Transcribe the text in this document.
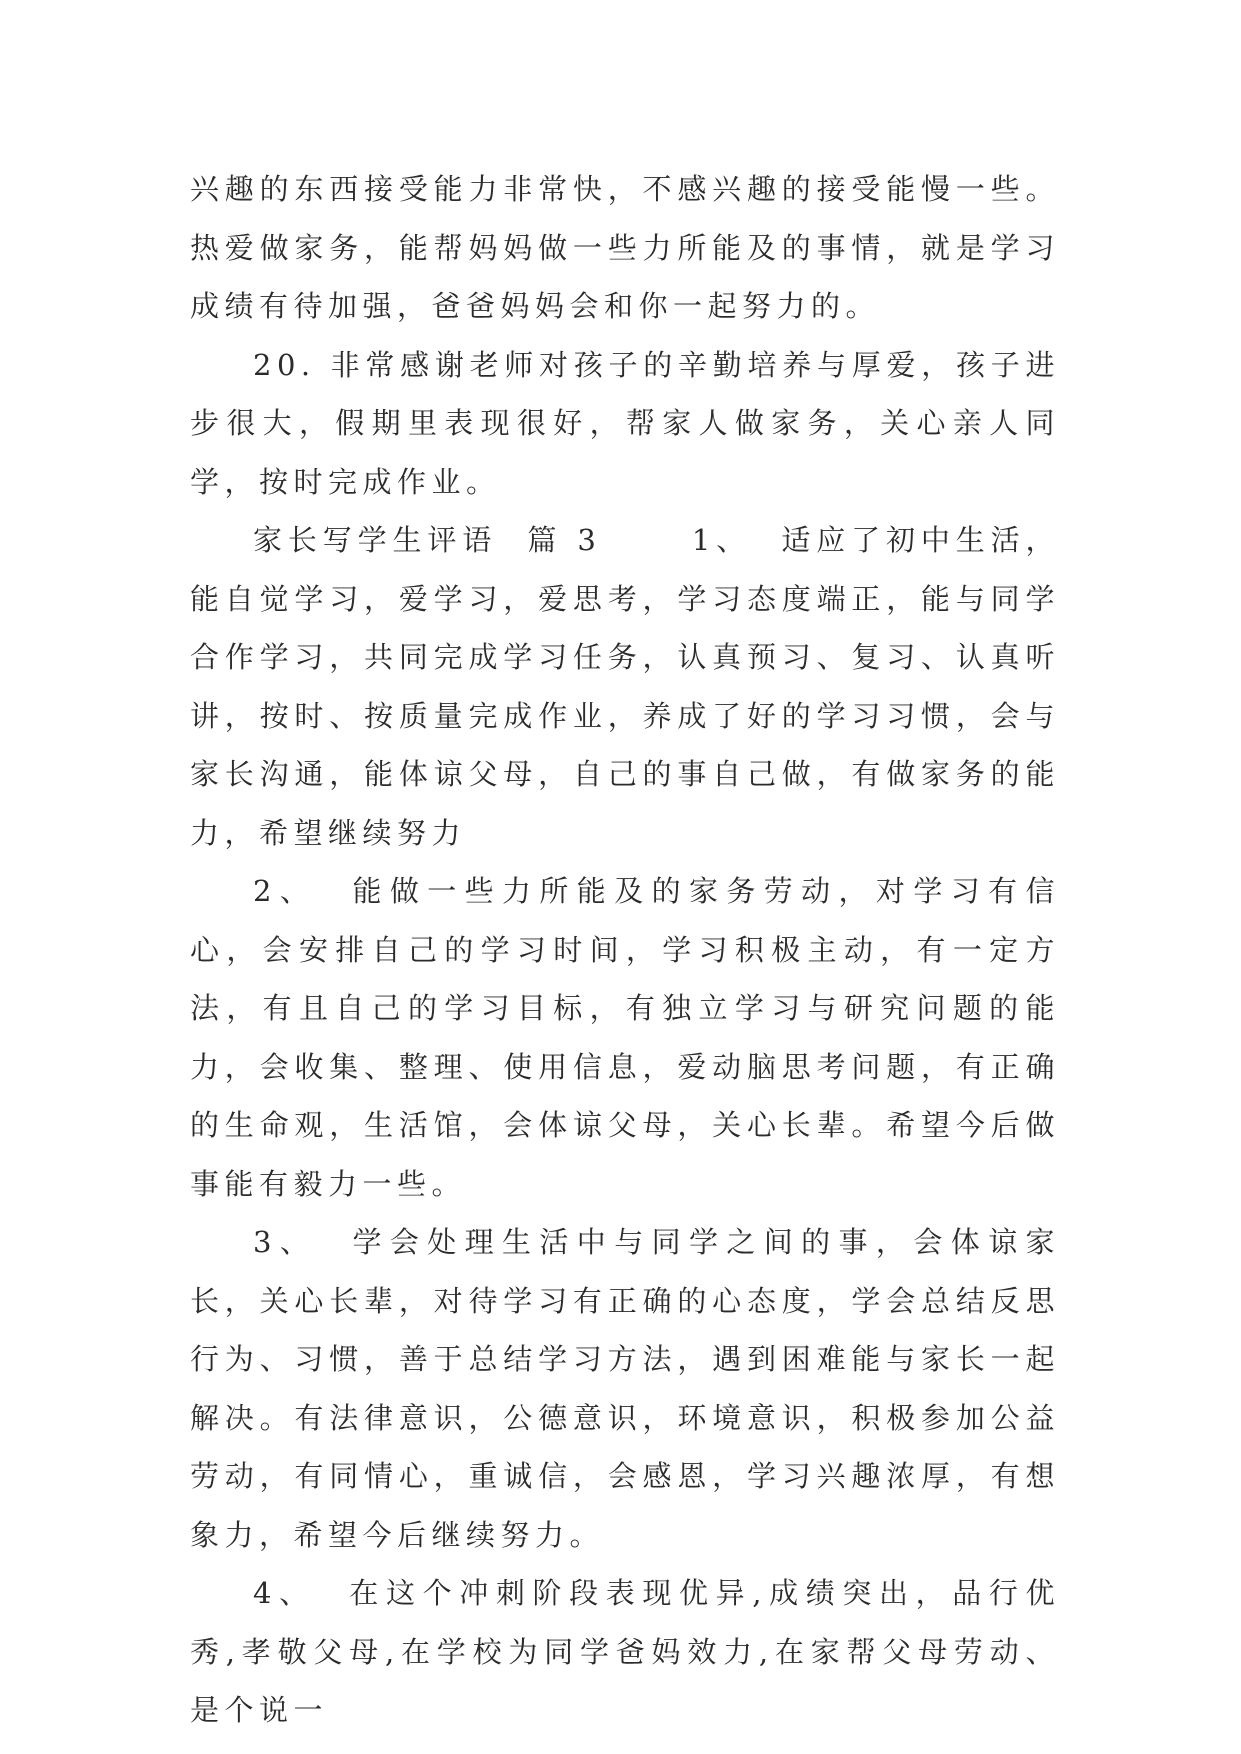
兴趣的东西接受能力非常快，不感兴趣的接受能慢一些。热爱做家务，能帮妈妈做一些力所能及的事情，就是学习成绩有待加强，爸爸妈妈会和你一起努力的。

20. 非常感谢老师对孩子的辛勤培养与厚爱，孩子进步很大，假期里表现很好，帮家人做家务，关心亲人同学，按时完成作业。

家长写学生评语  篇 3      1、  适应了初中生活，能自觉学习，爱学习，爱思考，学习态度端正，能与同学合作学习，共同完成学习任务，认真预习、复习、认真听讲，按时、按质量完成作业，养成了好的学习习惯，会与家长沟通，能体谅父母，自己的事自己做，有做家务的能力，希望继续努力

2、  能做一些力所能及的家务劳动，对学习有信心，会安排自己的学习时间，学习积极主动，有一定方法，有且自己的学习目标，有独立学习与研究问题的能力，会收集、整理、使用信息，爱动脑思考问题，有正确的生命观，生活馆，会体谅父母，关心长辈。希望今后做事能有毅力一些。

3、  学会处理生活中与同学之间的事，会体谅家长，关心长辈，对待学习有正确的心态度，学会总结反思行为、习惯，善于总结学习方法，遇到困难能与家长一起解决。有法律意识，公德意识，环境意识，积极参加公益劳动，有同情心，重诚信，会感恩，学习兴趣浓厚，有想象力，希望今后继续努力。

4、  在这个冲刺阶段表现优异,成绩突出，品行优秀,孝敬父母,在学校为同学爸妈效力,在家帮父母劳动、是个说一
